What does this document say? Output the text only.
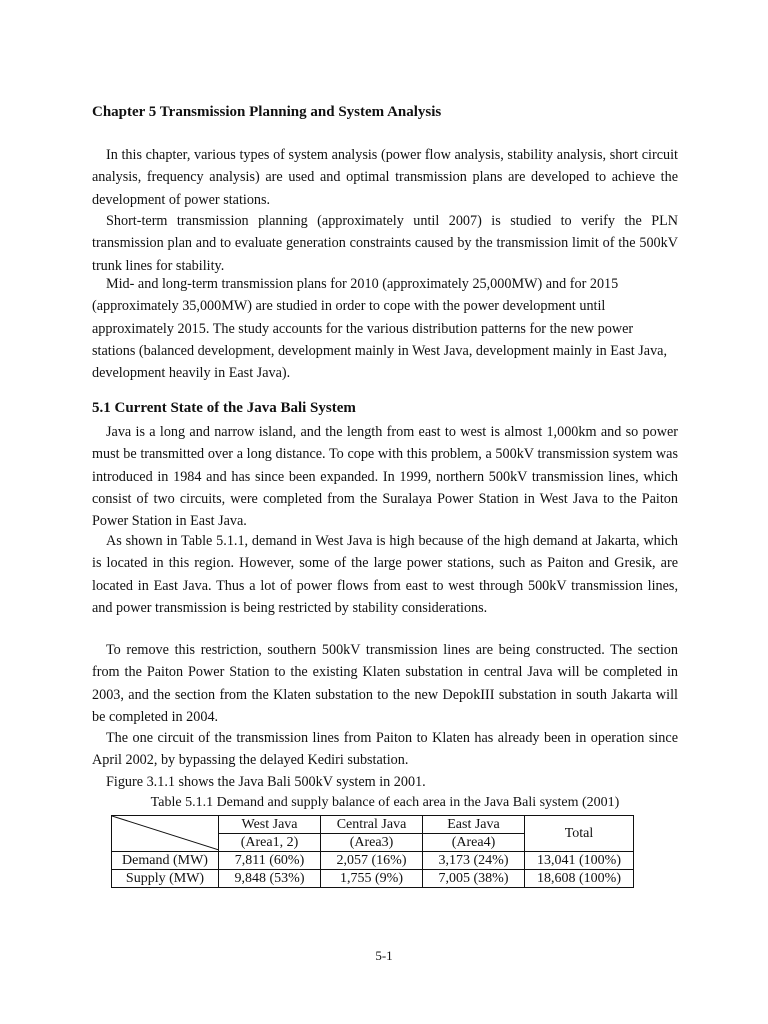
Chapter 5 Transmission Planning and System Analysis

In this chapter, various types of system analysis (power flow analysis, stability analysis, short circuit analysis, frequency analysis) are used and optimal transmission plans are developed to achieve the development of power stations.

Short-term transmission planning (approximately until 2007) is studied to verify the PLN transmission plan and to evaluate generation constraints caused by the transmission limit of the 500kV trunk lines for stability.

Mid- and long-term transmission plans for 2010 (approximately 25,000MW) and for 2015 (approximately 35,000MW) are studied in order to cope with the power development until approximately 2015. The study accounts for the various distribution patterns for the new power stations (balanced development, development mainly in West Java, development mainly in East Java, development heavily in East Java).

5.1 Current State of the Java Bali System

Java is a long and narrow island, and the length from east to west is almost 1,000km and so power must be transmitted over a long distance. To cope with this problem, a 500kV transmission system was introduced in 1984 and has since been expanded. In 1999, northern 500kV transmission lines, which consist of two circuits, were completed from the Suralaya Power Station in West Java to the Paiton Power Station in East Java.

As shown in Table 5.1.1, demand in West Java is high because of the high demand at Jakarta, which is located in this region. However, some of the large power stations, such as Paiton and Gresik, are located in East Java. Thus a lot of power flows from east to west through 500kV transmission lines, and power transmission is being restricted by stability considerations.

To remove this restriction, southern 500kV transmission lines are being constructed. The section from the Paiton Power Station to the existing Klaten substation in central Java will be completed in 2003, and the section from the Klaten substation to the new DepokIII substation in south Jakarta will be completed in 2004.

The one circuit of the transmission lines from Paiton to Klaten has already been in operation since April 2002, by bypassing the delayed Kediri substation.

Figure 3.1.1 shows the Java Bali 500kV system in 2001.

Table 5.1.1 Demand and supply balance of each area in the Java Bali system (2001)
	West Java	Central Java	East Java	Total
	(Area1, 2)	(Area3)	(Area4)	
Demand (MW)	7,811 (60%)	2,057 (16%)	3,173 (24%)	13,041 (100%)
Supply (MW)	9,848 (53%)	1,755 (9%)	7,005 (38%)	18,608 (100%)
5-1
